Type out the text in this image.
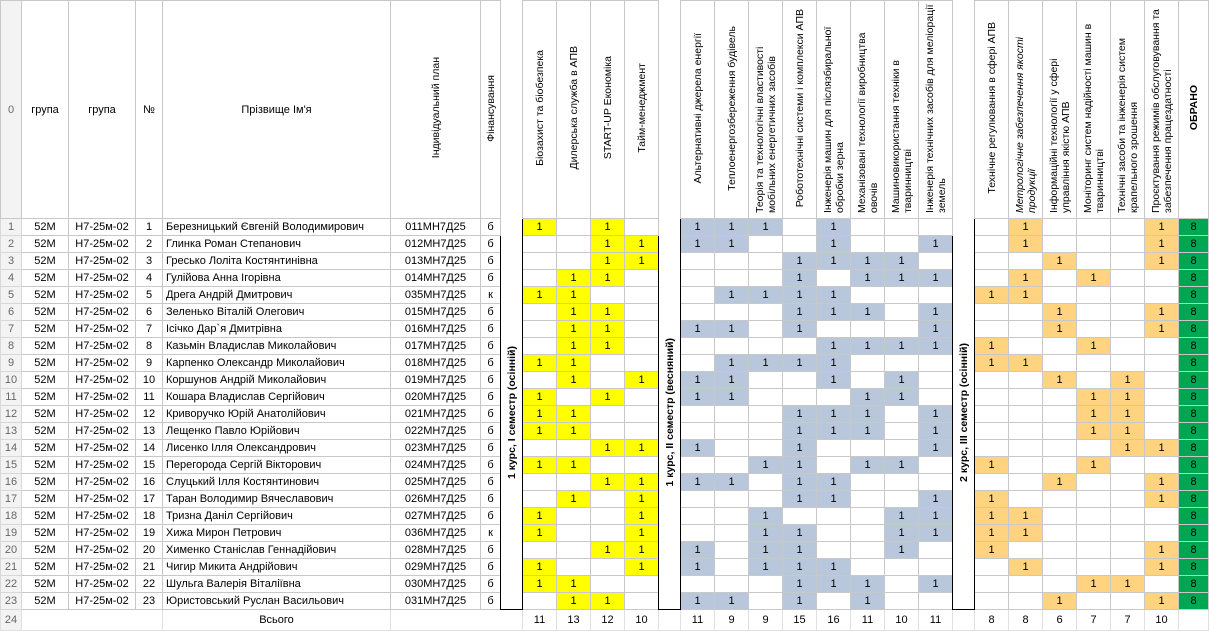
0	група	група	№	Прізвище Ім'я	Індивідуальний план	Фінансування		Біозахист та біобезпека	Дилерська служба в АПВ	START-UP Економіка	Тайм-менеджмент		Альтернативні джерела енергії	Теплоенергозбереження будівель	Теорія та технологічні властивості мобільних енергетичних засобів	Робототехнічні системи і комплекси АПВ	Інженерія машин для післязбиральної обробки зерна	Механізовані технології виробництва овочів	Машиновикористання техніки в тваринництві	Інженерія технічних засобів для меліорації земель		Технічне регулювання в сфері АПВ	Метрологічне забезпечення якості продукції	Інформаційні технології у сфері управління якістю АПВ	Моніторинг систем надійності машин в тваринництві	Технічні засоби та інженерія систем крапельного зрошення	Проєктування режимів обслуговування та забезпечення працездатності	ОБРАНО
1	52М	Н7-25м-02	1	Березницький Євгеній Володимирович	011МН7Д25	б	1 курс, І семестр (осінній)	1		1		1 курс, ІІ семестр (весняний)	1	1	1		1				2 курс, ІІІ семестр (осінній)		1				1	8
2	52М	Н7-25м-02	2	Глинка Роман Степанович	012МН7Д25	б				1	1		1	1			1			1			1				1	8
3	52М	Н7-25м-02	3	Гресько Лоліта Костянтинівна	013МН7Д25	б				1	1					1	1	1	1					1			1	8
4	52М	Н7-25м-02	4	Гулійова Анна Ігорівна	014МН7Д25	б			1	1						1		1	1	1			1		1			8
5	52М	Н7-25м-02	5	Дрега Андрій Дмитрович	035МН7Д25	к		1	1					1	1	1	1					1	1					8
6	52М	Н7-25м-02	6	Зеленько Віталій Олегович	015МН7Д25	б			1	1						1	1	1		1				1			1	8
7	52М	Н7-25м-02	7	Ісічко Дар`я Дмитрівна	016МН7Д25	б			1	1			1	1		1				1				1			1	8
8	52М	Н7-25м-02	8	Казьмін Владислав Миколайович	017МН7Д25	б			1	1							1	1	1	1		1			1			8
9	52М	Н7-25м-02	9	Карпенко Олександр Миколайович	018МН7Д25	б		1	1					1	1	1	1					1	1					8
10	52М	Н7-25м-02	10	Коршунов Андрій Миколайович	019МН7Д25	б			1		1		1	1			1		1					1		1		8
11	52М	Н7-25м-02	11	Кошара Владислав Сергійович	020МН7Д25	б		1		1			1	1				1	1						1	1		8
12	52М	Н7-25м-02	12	Криворучко Юрій Анатолійович	021МН7Д25	б		1	1							1	1	1		1					1	1		8
13	52М	Н7-25м-02	13	Лещенко Павло Юрійович	022МН7Д25	б		1	1							1	1	1		1					1	1		8
14	52М	Н7-25м-02	14	Лисенко Ілля Олександрович	023МН7Д25	б				1	1		1			1				1						1	1	8
15	52М	Н7-25м-02	15	Перегорода Сергій Вікторович	024МН7Д25	б		1	1						1	1		1	1			1			1			8
16	52М	Н7-25м-02	16	Слуцький Ілля Костянтинович	025МН7Д25	б				1	1		1	1		1	1							1			1	8
17	52М	Н7-25м-02	17	Таран Володимир Вячеславович	026МН7Д25	б			1		1					1	1			1		1					1	8
18	52М	Н7-25м-02	18	Тризна Даніл Сергійович	027МН7Д25	б		1			1				1				1	1		1	1					8
19	52М	Н7-25м-02	19	Хижа Мирон Петрович	036МН7Д25	к		1			1				1	1			1	1		1	1					8
20	52М	Н7-25м-02	20	Хименко Станіслав Геннадійович	028МН7Д25	б				1	1		1		1	1			1			1					1	8
21	52М	Н7-25м-02	21	Чигир Микита Андрійович	029МН7Д25	б		1			1		1		1	1	1						1				1	8
22	52М	Н7-25м-02	22	Шульга Валерія Віталіївна	030МН7Д25	б		1	1							1	1	1		1					1	1		8
23	52М	Н7-25м-02	23	Юристовський Руслан Васильович	031МН7Д25	б			1	1			1	1		1		1						1			1	8
24				Всього				11	13	12	10		11	9	9	15	16	11	10	11		8	8	6	7	7	10	
